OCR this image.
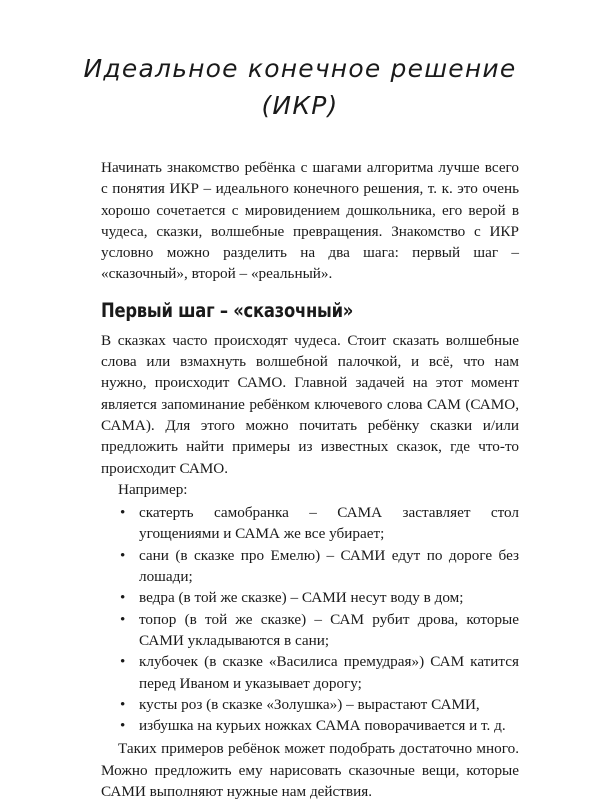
Идеальное конечное решение
(ИКР)

Начинать знакомство ребёнка с шагами алгоритма лучше всего с понятия ИКР – идеального конечного решения, т. к. это очень хорошо сочетается с мировидением дошкольника, его верой в чудеса, сказки, волшебные превращения. Знакомство с ИКР условно можно разделить на два шага: первый шаг – «сказочный», второй – «реальный».

Первый шаг – «сказочный»

В сказках часто происходят чудеса. Стоит сказать волшебные слова или взмахнуть волшебной палочкой, и всё, что нам нужно, происходит САМО. Главной задачей на этот момент является запоминание ребёнком ключевого слова САМ (САМО, САМА). Для этого можно почитать ребёнку сказки и/или предложить найти примеры из известных сказок, где что-то происходит САМО.

Например:

• скатерть самобранка – САМА заставляет стол угощениями и САМА же все убирает;
• сани (в сказке про Емелю) – САМИ едут по дороге без лошади;
• ведра (в той же сказке) – САМИ несут воду в дом;
• топор (в той же сказке) – САМ рубит дрова, которые САМИ укладываются в сани;
• клубочек (в сказке «Василиса премудрая») САМ катится перед Иваном и указывает дорогу;
• кусты роз (в сказке «Золушка») – вырастают САМИ,
• избушка на курьих ножках САМА поворачивается и т. д.

Таких примеров ребёнок может подобрать достаточно много. Можно предложить ему нарисовать сказочные вещи, которые САМИ выполняют нужные нам действия.
